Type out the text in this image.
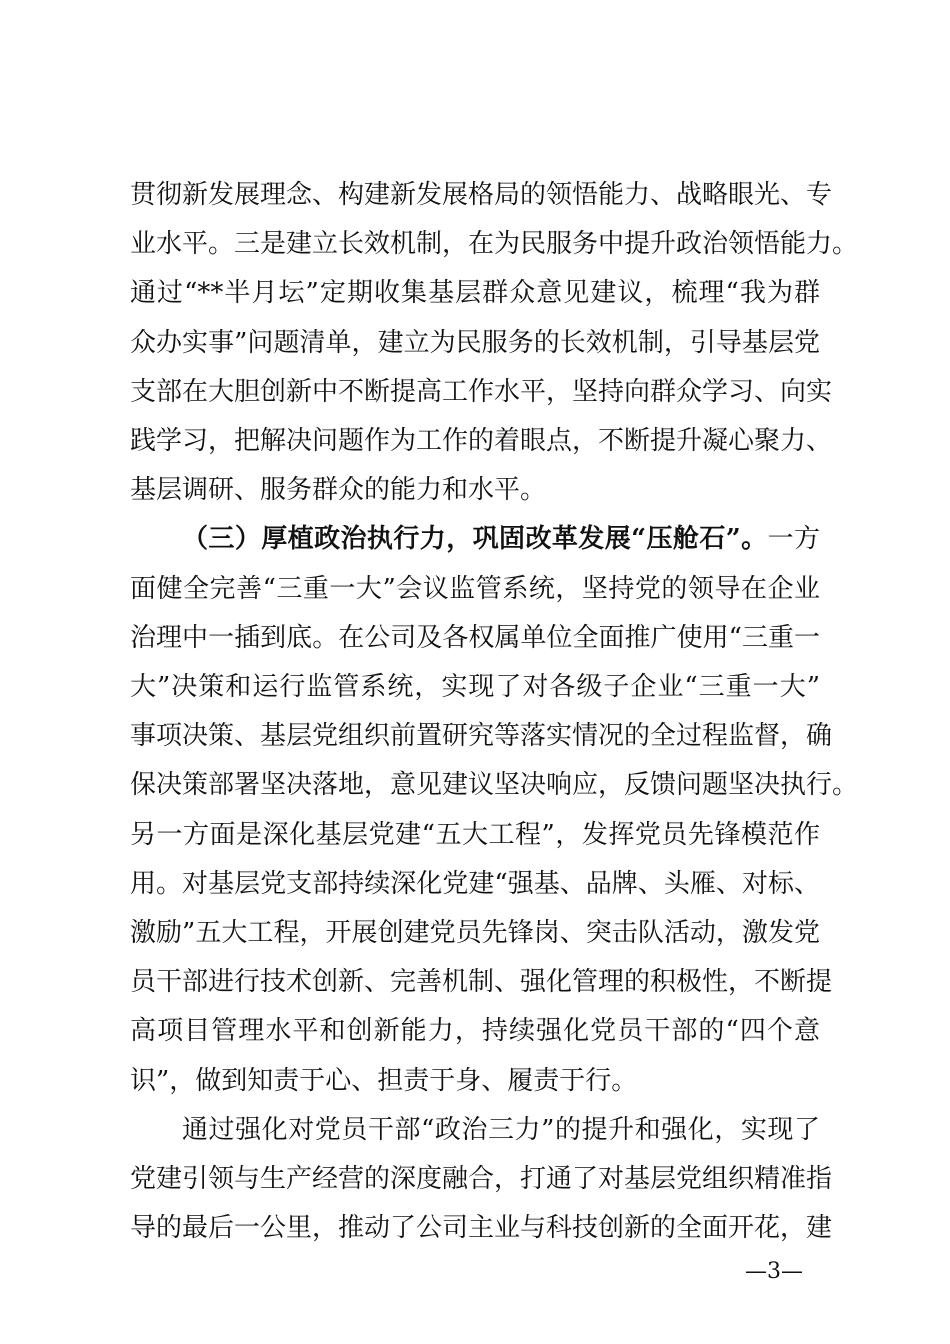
贯彻新发展理念、构建新发展格局的领悟能力、战略眼光、专
业水平。三是建立长效机制，在为民服务中提升政治领悟能力。
通过“**半月坛”定期收集基层群众意见建议，梳理“我为群
众办实事”问题清单，建立为民服务的长效机制，引导基层党
支部在大胆创新中不断提高工作水平，坚持向群众学习、向实
践学习，把解决问题作为工作的着眼点，不断提升凝心聚力、
基层调研、服务群众的能力和水平。
（三）厚植政治执行力，巩固改革发展“压舱石”。一方
面健全完善“三重一大”会议监管系统，坚持党的领导在企业
治理中一插到底。在公司及各权属单位全面推广使用“三重一
大”决策和运行监管系统，实现了对各级子企业“三重一大”
事项决策、基层党组织前置研究等落实情况的全过程监督，确
保决策部署坚决落地，意见建议坚决响应，反馈问题坚决执行。
另一方面是深化基层党建“五大工程”，发挥党员先锋模范作
用。对基层党支部持续深化党建“强基、品牌、头雁、对标、
激励”五大工程，开展创建党员先锋岗、突击队活动，激发党
员干部进行技术创新、完善机制、强化管理的积极性，不断提
高项目管理水平和创新能力，持续强化党员干部的“四个意
识”，做到知责于心、担责于身、履责于行。
通过强化对党员干部“政治三力”的提升和强化，实现了
党建引领与生产经营的深度融合，打通了对基层党组织精准指
导的最后一公里，推动了公司主业与科技创新的全面开花，建
—3—
